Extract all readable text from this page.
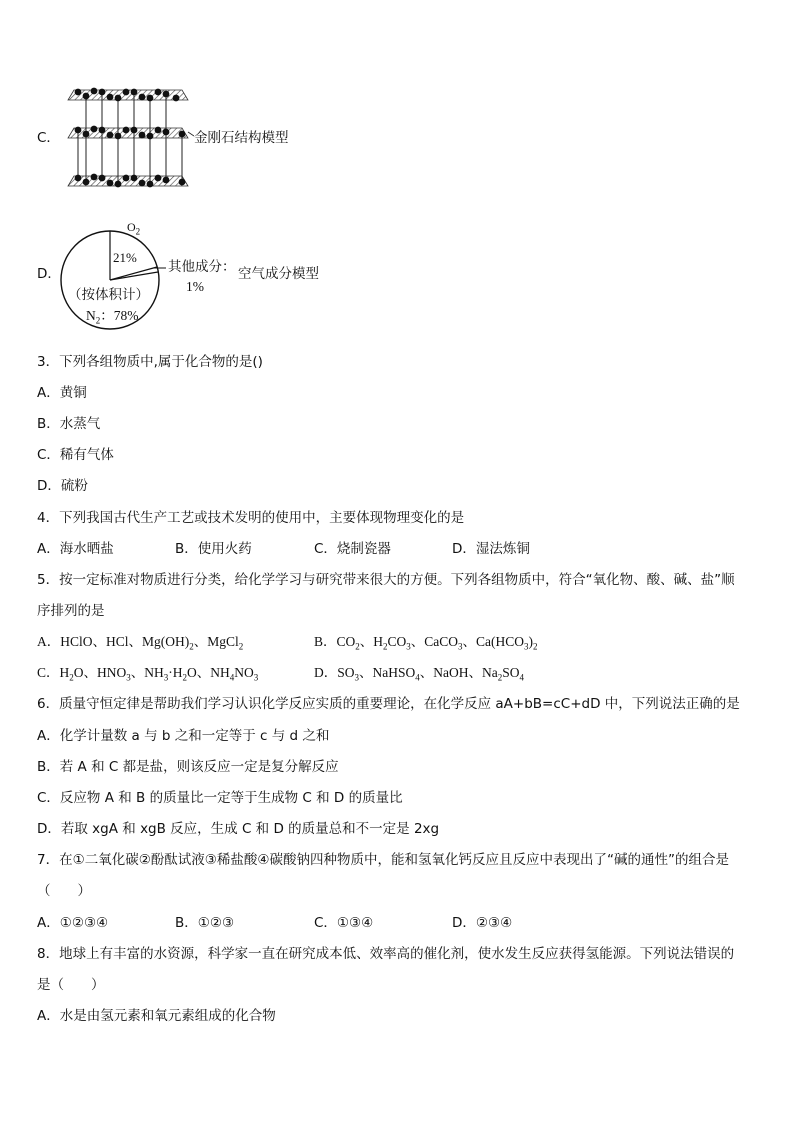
C．	金刚石结构模型
D．
$O_2$
21%
其他成分：
1%
（按体积计）
$N_2$：78%
空气成分模型
3．下列各组物质中,属于化合物的是()
A．黄铜
B．水蒸气
C．稀有气体
D．硫粉
4．下列我国古代生产工艺或技术发明的使用中，主要体现物理变化的是
A．海水晒盐	B．使用火药	C．烧制瓷器	D．湿法炼铜
5．按一定标准对物质进行分类，给化学学习与研究带来很大的方便。下列各组物质中，符合“氧化物、酸、碱、盐”顺
序排列的是
A．HClO、HCl、$Mg(OH)_2$、MgCl$_2$	B．$CO_2$、$H_2CO_3$、CaCO$_3$、$Ca(HCO_3)_2$
C．$H_2O$、$HNO_3$、$NH_3\cdot H_2O$、$NH_4NO_3$	D．$SO_3$、NaHSO$_4$、NaOH、$Na_2SO_4$
6．质量守恒定律是帮助我们学习认识化学反应实质的重要理论，在化学反应 aA+bB=cC+dD 中，下列说法正确的是
A．化学计量数 a 与 b 之和一定等于 c 与 d 之和
B．若 A 和 C 都是盐，则该反应一定是复分解反应
C．反应物 A 和 B 的质量比一定等于生成物 C 和 D 的质量比
D．若取 xgA 和 xgB 反应，生成 C 和 D 的质量总和不一定是 2xg
7．在①二氧化碳②酚酞试液③稀盐酸④碳酸钠四种物质中，能和氢氧化钙反应且反应中表现出了“碱的通性”的组合是
（　　）
A．①②③④	B．①②③	C．①③④	D．②③④
8．地球上有丰富的水资源，科学家一直在研究成本低、效率高的催化剂，使水发生反应获得氢能源。下列说法错误的
是（　　）
A．水是由氢元素和氧元素组成的化合物
